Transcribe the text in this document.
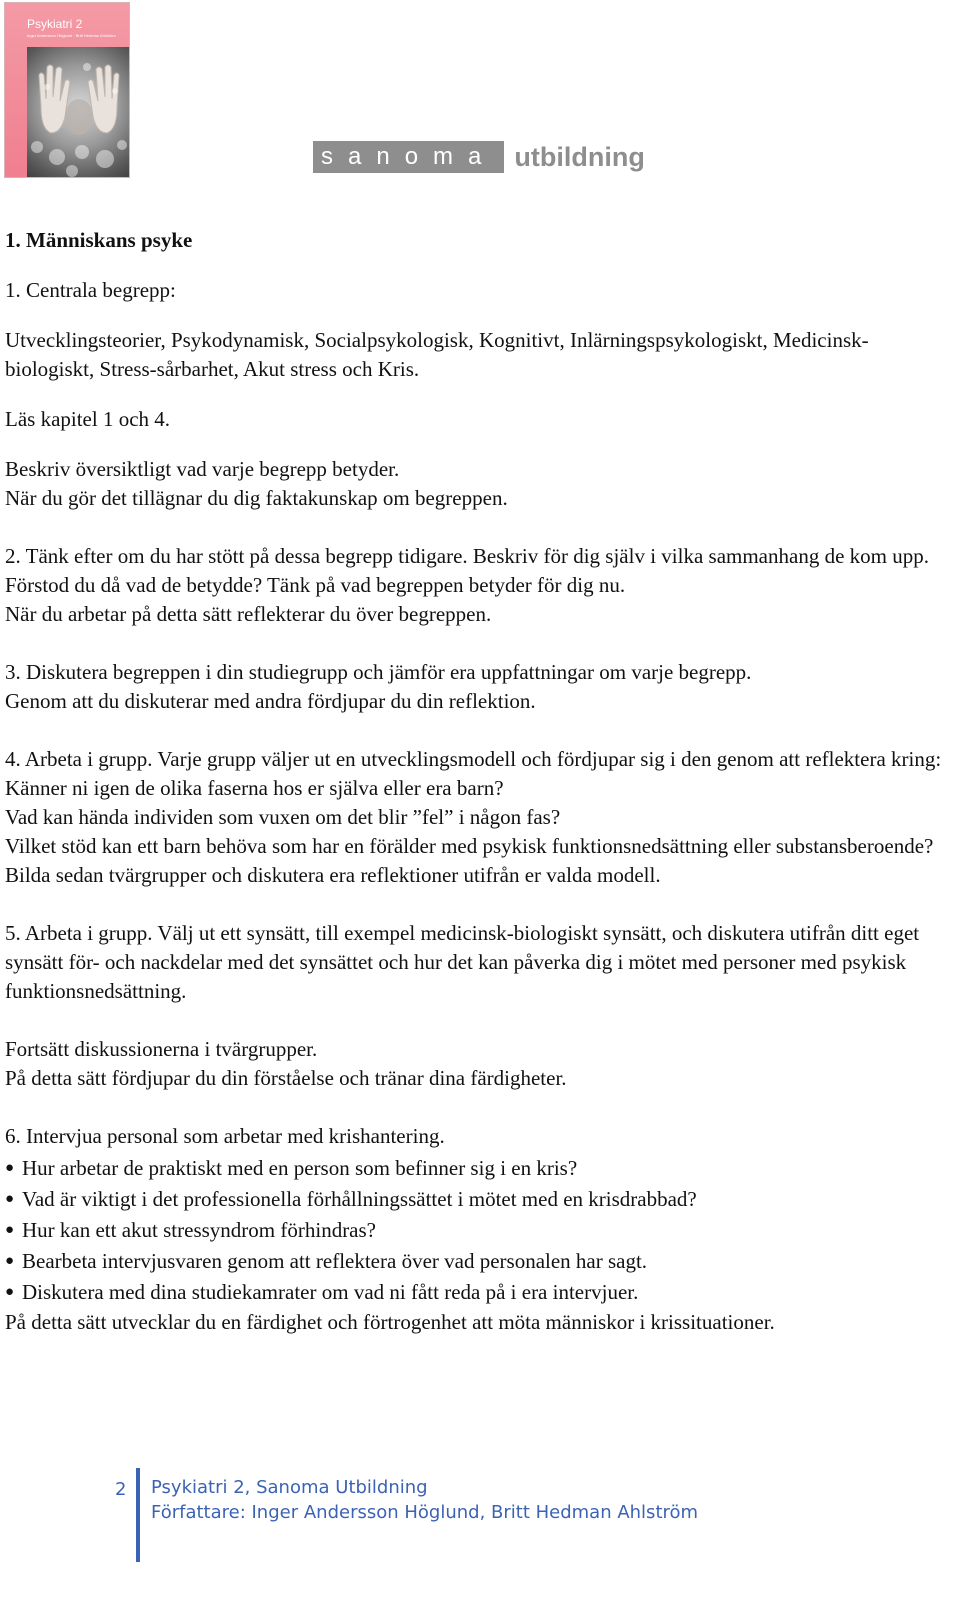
Psykiatri 2
Inger Andersson Höglund · Britt Hedman Ahlström
sanoma utbildning

1. Människans psyke

1. Centrala begrepp:

Utvecklingsteorier, Psykodynamisk, Socialpsykologisk, Kognitivt, Inlärningspsykologiskt, Medicinsk-biologiskt, Stress-sårbarhet, Akut stress och Kris.

Läs kapitel 1 och 4.

Beskriv översiktligt vad varje begrepp betyder.

När du gör det tillägnar du dig faktakunskap om begreppen.

2. Tänk efter om du har stött på dessa begrepp tidigare. Beskriv för dig själv i vilka sammanhang de kom upp. Förstod du då vad de betydde? Tänk på vad begreppen betyder för dig nu.

När du arbetar på detta sätt reflekterar du över begreppen.

3. Diskutera begreppen i din studiegrupp och jämför era uppfattningar om varje begrepp.

Genom att du diskuterar med andra fördjupar du din reflektion.

4. Arbeta i grupp. Varje grupp väljer ut en utvecklingsmodell och fördjupar sig i den genom att reflektera kring: Känner ni igen de olika faserna hos er själva eller era barn?

Vad kan hända individen som vuxen om det blir ”fel” i någon fas?

Vilket stöd kan ett barn behöva som har en förälder med psykisk funktionsnedsättning eller substansberoende?

Bilda sedan tvärgrupper och diskutera era reflektioner utifrån er valda modell.

5. Arbeta i grupp. Välj ut ett synsätt, till exempel medicinsk-biologiskt synsätt, och diskutera utifrån ditt eget synsätt för- och nackdelar med det synsättet och hur det kan påverka dig i mötet med personer med psykisk funktionsnedsättning.

Fortsätt diskussionerna i tvärgrupper.

På detta sätt fördjupar du din förståelse och tränar dina färdigheter.

6. Intervjua personal som arbetar med krishantering.

● Hur arbetar de praktiskt med en person som befinner sig i en kris?
● Vad är viktigt i det professionella förhållningssättet i mötet med en krisdrabbad?
● Hur kan ett akut stressyndrom förhindras?
● Bearbeta intervjusvaren genom att reflektera över vad personalen har sagt.
● Diskutera med dina studiekamrater om vad ni fått reda på i era intervjuer.

På detta sätt utvecklar du en färdighet och förtrogenhet att möta människor i krissituationer.

2 Psykiatri 2, Sanoma Utbildning
Författare: Inger Andersson Höglund, Britt Hedman Ahlström
